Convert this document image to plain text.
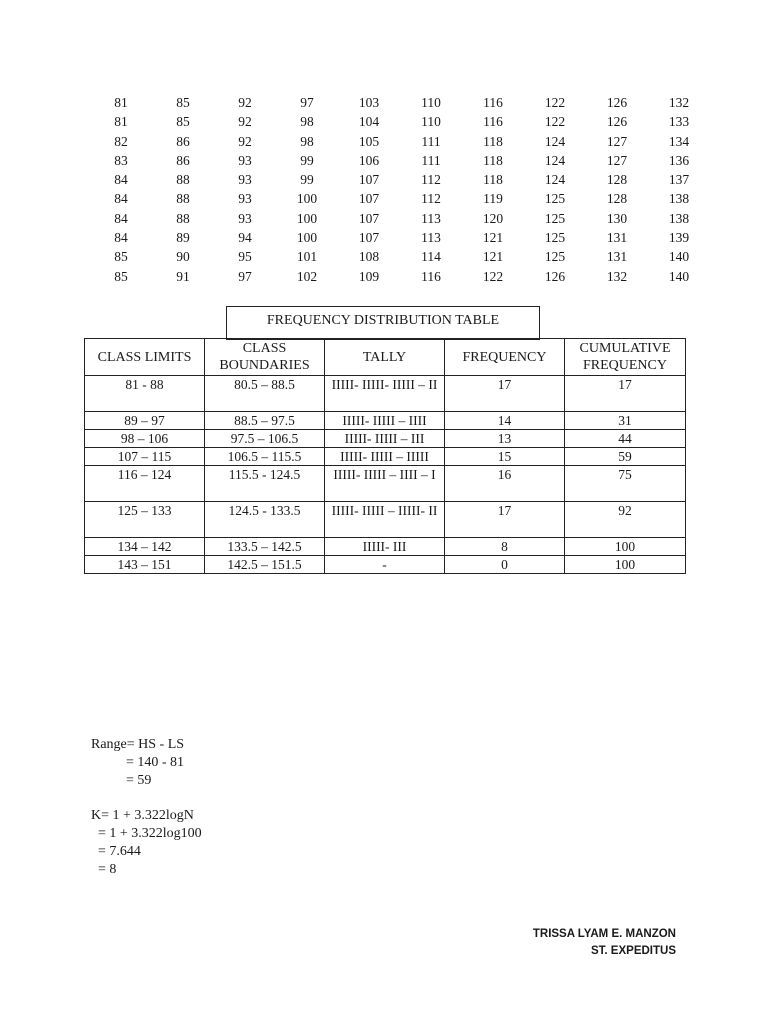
81	85	92	97	103	110	116	122	126	132
81	85	92	98	104	110	116	122	126	133
82	86	92	98	105	111	118	124	127	134
83	86	93	99	106	111	118	124	127	136
84	88	93	99	107	112	118	124	128	137
84	88	93	100	107	112	119	125	128	138
84	88	93	100	107	113	120	125	130	138
84	89	94	100	107	113	121	125	131	139
85	90	95	101	108	114	121	125	131	140
85	91	97	102	109	116	122	126	132	140
FREQUENCY DISTRIBUTION TABLE
CLASS LIMITS	CLASS BOUNDARIES	TALLY	FREQUENCY	CUMULATIVE FREQUENCY
81 - 88	80.5 – 88.5	IIIII- IIIII- IIIII – II	17	17
89 – 97	88.5 – 97.5	IIIII- IIIII – IIII	14	31
98 – 106	97.5 – 106.5	IIIII- IIIII – III	13	44
107 – 115	106.5 – 115.5	IIIII- IIIII – IIIII	15	59
116 – 124	115.5 - 124.5	IIIII- IIIII – IIII – I	16	75
125 – 133	124.5 - 133.5	IIIII- IIIII – IIIII- II	17	92
134 – 142	133.5 – 142.5	IIIII- III	8	100
143 – 151	142.5 – 151.5	-	0	100
Range= HS - LS
= 140 - 81
= 59
K= 1 + 3.322logN
= 1 + 3.322log100
= 7.644
= 8
TRISSA LYAM E. MANZON
ST. EXPEDITUS
